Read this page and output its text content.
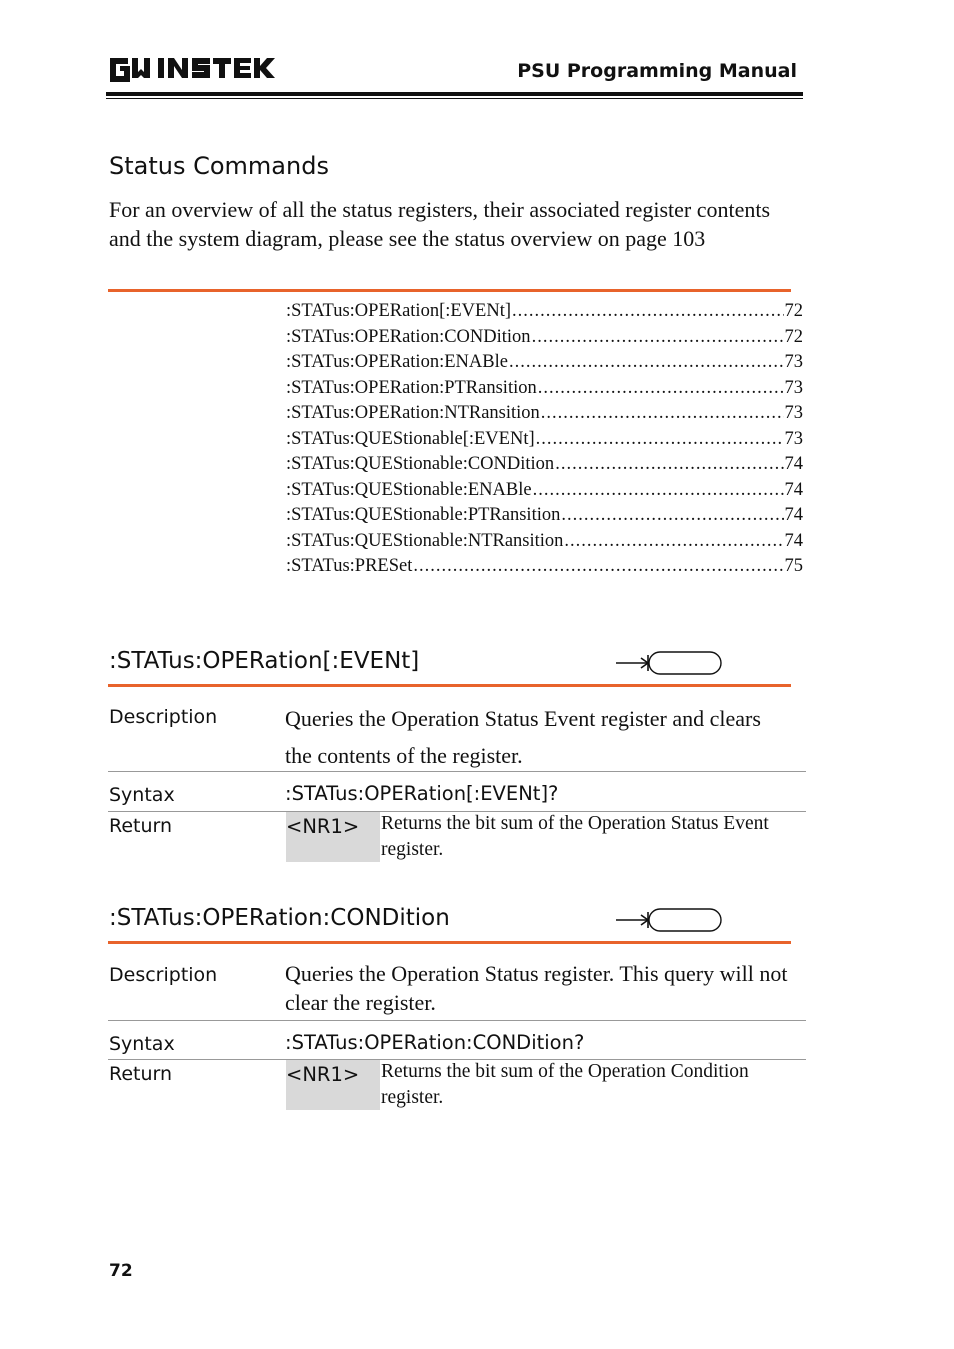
PSU Programming Manual
Status Commands
For an overview of all the status registers, their associated register contents and the system diagram, please see the status overview on page 103
:STATus:OPERation[:EVENt] .....	72
:STATus:OPERation:CONDition .....	72
:STATus:OPERation:ENABle .....	73
:STATus:OPERation:PTRansition .....	73
:STATus:OPERation:NTRansition .....	73
:STATus:QUEStionable[:EVENt] .....	73
:STATus:QUEStionable:CONDition .....	74
:STATus:QUEStionable:ENABle .....	74
:STATus:QUEStionable:PTRansition .....	74
:STATus:QUEStionable:NTRansition .....	74
:STATus:PRESet .....	75
:STATus:OPERation[:EVENt]
Description	Queries the Operation Status Event register and clears the contents of the register.
Syntax	:STATus:OPERation[:EVENt]?
Return	<NR1> Returns the bit sum of the Operation Status Event register.
:STATus:OPERation:CONDition
Description	Queries the Operation Status register. This query will not clear the register.
Syntax	:STATus:OPERation:CONDition?
Return	<NR1> Returns the bit sum of the Operation Condition register.
72
